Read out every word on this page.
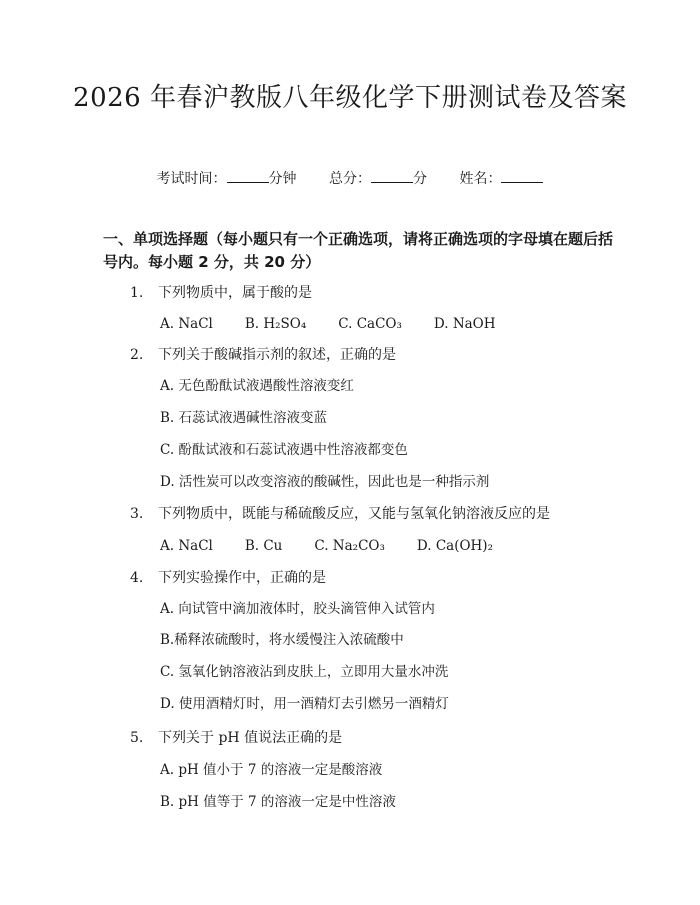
2026 年春沪教版八年级化学下册测试卷及答案
考试时间：	分钟 总分：	分 姓名：
一、单项选择题（每小题只有一个正确选项，请将正确选项的字母填在题后括号内。每小题 2 分，共 20 分）
1. 下列物质中，属于酸的是
A. NaCl B. H₂SO₄ C. CaCO₃ D. NaOH
2. 下列关于酸碱指示剂的叙述，正确的是
A. 无色酚酞试液遇酸性溶液变红
B. 石蕊试液遇碱性溶液变蓝
C. 酚酞试液和石蕊试液遇中性溶液都变色
D. 活性炭可以改变溶液的酸碱性，因此也是一种指示剂
3. 下列物质中，既能与稀硫酸反应，又能与氢氧化钠溶液反应的是
A. NaCl B. Cu C. Na₂CO₃ D. Ca(OH)₂
4. 下列实验操作中，正确的是
A. 向试管中滴加液体时，胶头滴管伸入试管内
B.稀释浓硫酸时，将水缓慢注入浓硫酸中
C. 氢氧化钠溶液沾到皮肤上，立即用大量水冲洗
D. 使用酒精灯时，用一酒精灯去引燃另一酒精灯
5. 下列关于 pH 值说法正确的是
A. pH 值小于 7 的溶液一定是酸溶液
B. pH 值等于 7 的溶液一定是中性溶液
